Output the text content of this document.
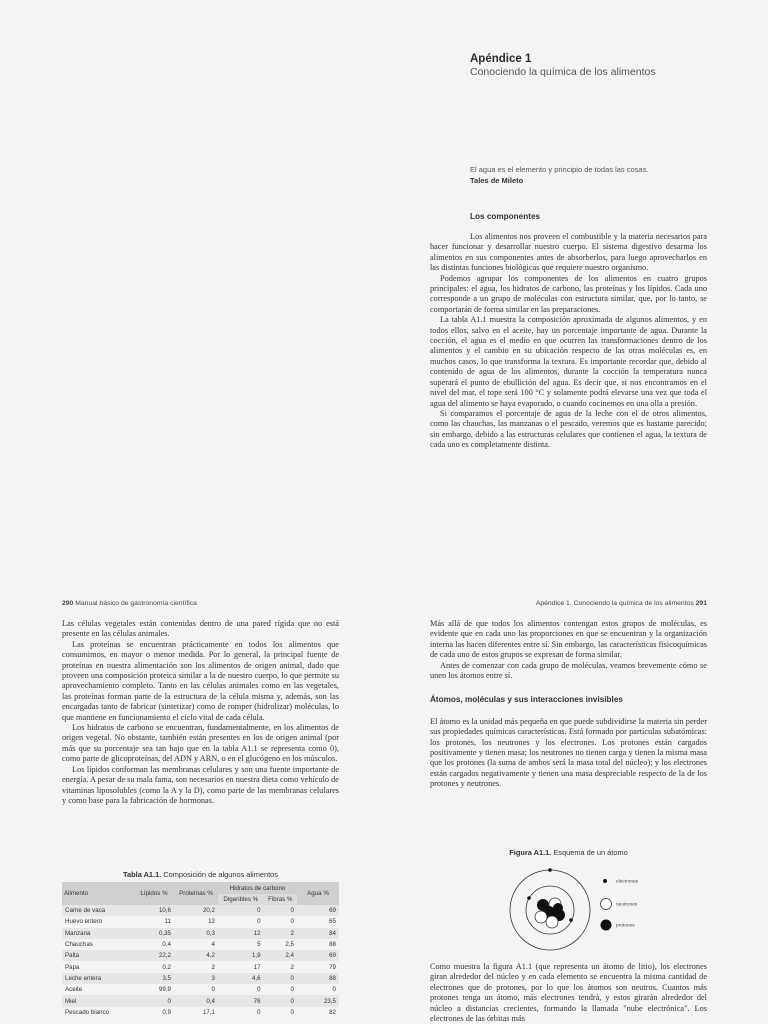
Apéndice 1
Conociendo la química de los alimentos
El agua es el elemento y principio de todas las cosas.
Tales de Mileto
Los componentes

Los alimentos nos proveen el combustible y la materia necesarios para hacer funcionar y desarrollar nuestro cuerpo. El sistema digestivo desarma los alimentos en sus componentes antes de absorberlos, para luego aprovecharlos en las distintas funciones biológicas que requiere nuestro organismo.

Podemos agrupar los componentes de los alimentos en cuatro grupos principales: el agua, los hidratos de carbono, las proteínas y los lípidos. Cada uno corresponde a un grupo de moléculas con estructura similar, que, por lo tanto, se comportarán de forma similar en las preparaciones.

La tabla A1.1 muestra la composición aproximada de algunos alimentos, y en todos ellos, salvo en el aceite, hay un porcentaje importante de agua. Durante la cocción, el agua es el medio en que ocurren las transformaciones dentro de los alimentos y el cambio en su ubicación respecto de las otras moléculas es, en muchos casos, lo que transforma la textura. Es importante recordar que, debido al contenido de agua de los alimentos, durante la cocción la temperatura nunca superará el punto de ebullición del agua. Es decir que, si nos encontramos en el nivel del mar, el tope será 100 °C y solamente podrá elevarse una vez que toda el agua del alimento se haya evaporado, o cuando cocinemos en una olla a presión.

Si comparamos el porcentaje de agua de la leche con el de otros alimentos, como las chauchas, las manzanas o el pescado, veremos que es bastante parecido; sin embargo, debido a las estructuras celulares que contienen el agua, la textura de cada uno es completamente distinta.

290 Manual básico de gastronomía científica	Apéndice 1. Conociendo la química de los alimentos 291

Las células vegetales están contenidas dentro de una pared rígida que no está presente en las células animales.

Las proteínas se encuentran prácticamente en todos los alimentos que consumimos, en mayor o menor medida. Por lo general, la principal fuente de proteínas en nuestra alimentación son los alimentos de origen animal, dado que proveen una composición proteica similar a la de nuestro cuerpo, lo que permite su aprovechamiento completo. Tanto en las células animales como en las vegetales, las proteínas forman parte de la estructura de la célula misma y, además, son las encargadas tanto de fabricar (sintetizar) como de romper (hidrolizar) moléculas, lo que mantiene en funcionamiento el ciclo vital de cada célula.

Los hidratos de carbono se encuentran, fundamentalmente, en los alimentos de origen vegetal. No obstante, también están presentes en los de origen animal (por más que su porcentaje sea tan bajo que en la tabla A1.1 se representa como 0), como parte de glicoproteínas, del ADN y ARN, o en el glucógeno en los músculos.

Los lípidos conforman las membranas celulares y son una fuente importante de energía. A pesar de su mala fama, son necesarios en nuestra dieta como vehículo de vitaminas liposolubles (como la A y la D), como parte de las membranas celulares y como base para la fabricación de hormonas.

Tabla A1.1. Composición de algunos alimentos
Alimento	Lípidos %	Proteínas %	Hidratos de carbono		Agua %
			Digeribles %	Fibras %	
Carne de vaca	10,6	20,2	0	0	69
Huevo entero	11	12	0	0	65
Manzana	0,35	0,3	12	2	84
Chauchas	0,4	4	5	2,5	88
Palta	22,2	4,2	1,9	2,4	69
Papa	0,2	2	17	2	79
Leche entera	3,5	3	4,6	0	88
Aceite	99,9	0	0	0	0
Miel	0	0,4	76	0	23,5
Pescado blanco	0,9	17,1	0	0	82

Más allá de que todos los alimentos contengan estos grupos de moléculas, es evidente que en cada uno las proporciones en que se encuentran y la organización interna las hacen diferentes entre sí. Sin embargo, las características fisicoquímicas de cada uno de estos grupos se expresan de forma similar.

Antes de comenzar con cada grupo de moléculas, veamos brevemente cómo se unen los átomos entre sí.

Átomos, moléculas y sus interacciones invisibles

El átomo es la unidad más pequeña en que puede subdividirse la materia sin perder sus propiedades químicas características. Está formado por partículas subatómicas: los protones, los neutrones y los electrones. Los protones están cargados positivamente y tienen masa; los neutrones no tienen carga y tienen la misma masa que los protones (la suma de ambos será la masa total del núcleo); y los electrones están cargados negativamente y tienen una masa despreciable respecto de la de los protones y neutrones.

Figura A1.1. Esquema de un átomo
electrones
neutrones
protones

Como muestra la figura A1.1 (que representa un átomo de litio), los electrones giran alrededor del núcleo y en cada elemento se encuentra la misma cantidad de electrones que de protones, por lo que los átomos son neutros. Cuantos más protones tenga un átomo, más electrones tendrá, y estos girarán alrededor del núcleo a distancias crecientes, formando la llamada "nube electrónica". Los electrones de las órbitas más
